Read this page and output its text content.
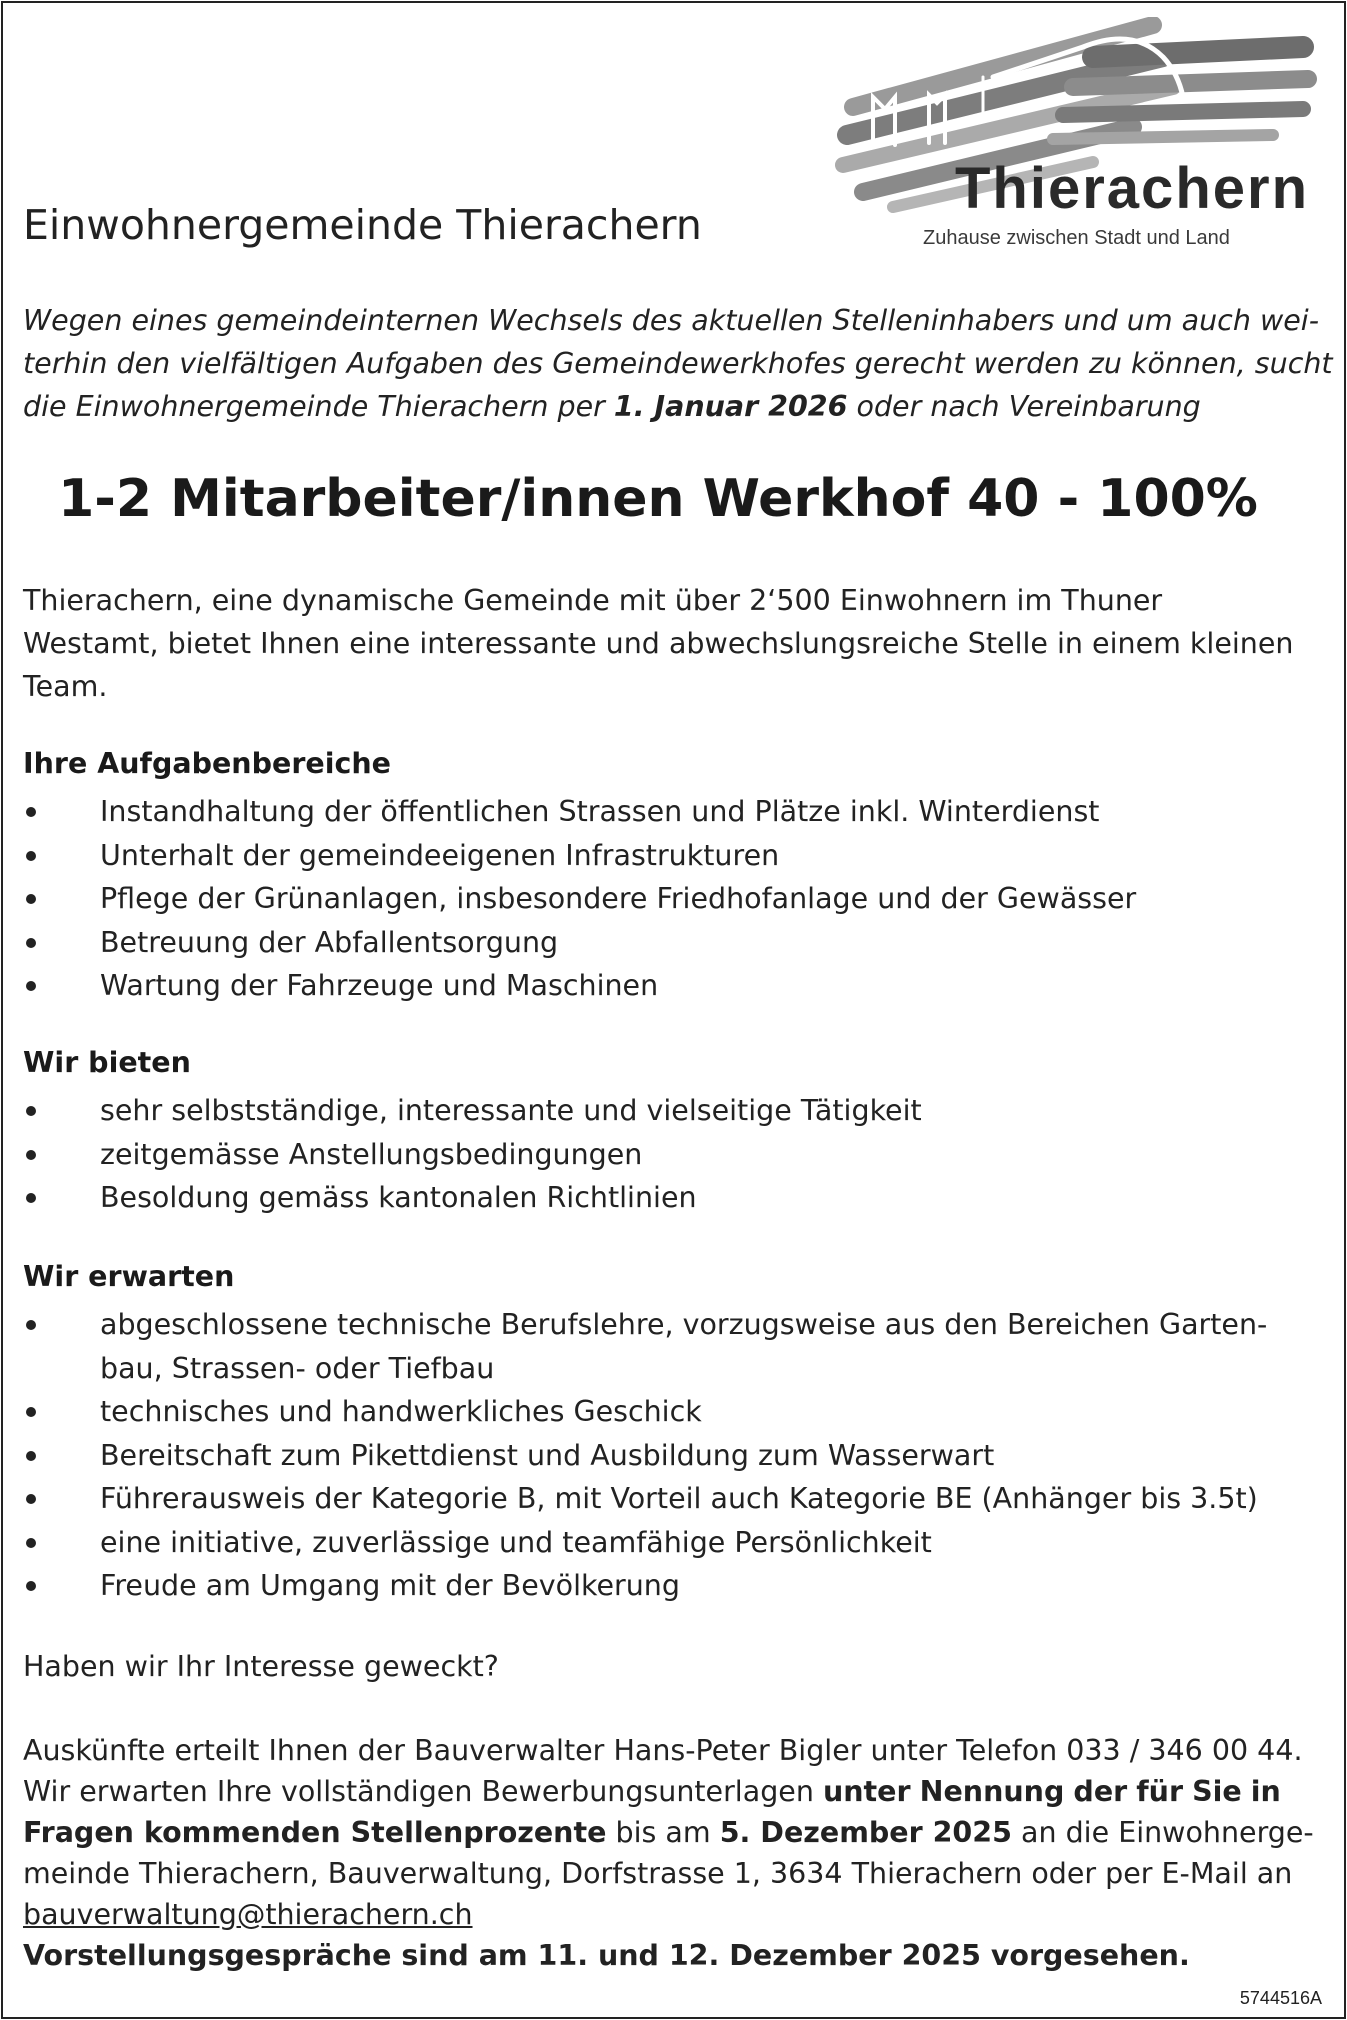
Thierachern
Zuhause zwischen Stadt und Land
Einwohnergemeinde Thierachern
Wegen eines gemeindeinternen Wechsels des aktuellen Stelleninhabers und um auch wei-
terhin den vielfältigen Aufgaben des Gemeindewerkhofes gerecht werden zu können, sucht
die Einwohnergemeinde Thierachern per 1. Januar 2026 oder nach Vereinbarung
1-2 Mitarbeiter/innen Werkhof 40 - 100%
Thierachern, eine dynamische Gemeinde mit über 2‘500 Einwohnern im Thuner
Westamt, bietet Ihnen eine interessante und abwechslungsreiche Stelle in einem kleinen
Team.
Ihre Aufgabenbereiche
Instandhaltung der öffentlichen Strassen und Plätze inkl. Winterdienst
Unterhalt der gemeindeeigenen Infrastrukturen
Pflege der Grünanlagen, insbesondere Friedhofanlage und der Gewässer
Betreuung der Abfallentsorgung
Wartung der Fahrzeuge und Maschinen
Wir bieten
sehr selbstständige, interessante und vielseitige Tätigkeit
zeitgemässe Anstellungsbedingungen
Besoldung gemäss kantonalen Richtlinien
Wir erwarten
abgeschlossene technische Berufslehre, vorzugsweise aus den Bereichen Garten-
bau, Strassen- oder Tiefbau
technisches und handwerkliches Geschick
Bereitschaft zum Pikettdienst und Ausbildung zum Wasserwart
Führerausweis der Kategorie B, mit Vorteil auch Kategorie BE (Anhänger bis 3.5t)
eine initiative, zuverlässige und teamfähige Persönlichkeit
Freude am Umgang mit der Bevölkerung
Haben wir Ihr Interesse geweckt?
Auskünfte erteilt Ihnen der Bauverwalter Hans-Peter Bigler unter Telefon 033 / 346 00 44.
Wir erwarten Ihre vollständigen Bewerbungsunterlagen unter Nennung der für Sie in
Fragen kommenden Stellenprozente bis am 5. Dezember 2025 an die Einwohnerge-
meinde Thierachern, Bauverwaltung, Dorfstrasse 1, 3634 Thierachern oder per E-Mail an
bauverwaltung@thierachern.ch
Vorstellungsgespräche sind am 11. und 12. Dezember 2025 vorgesehen.
5744516A
